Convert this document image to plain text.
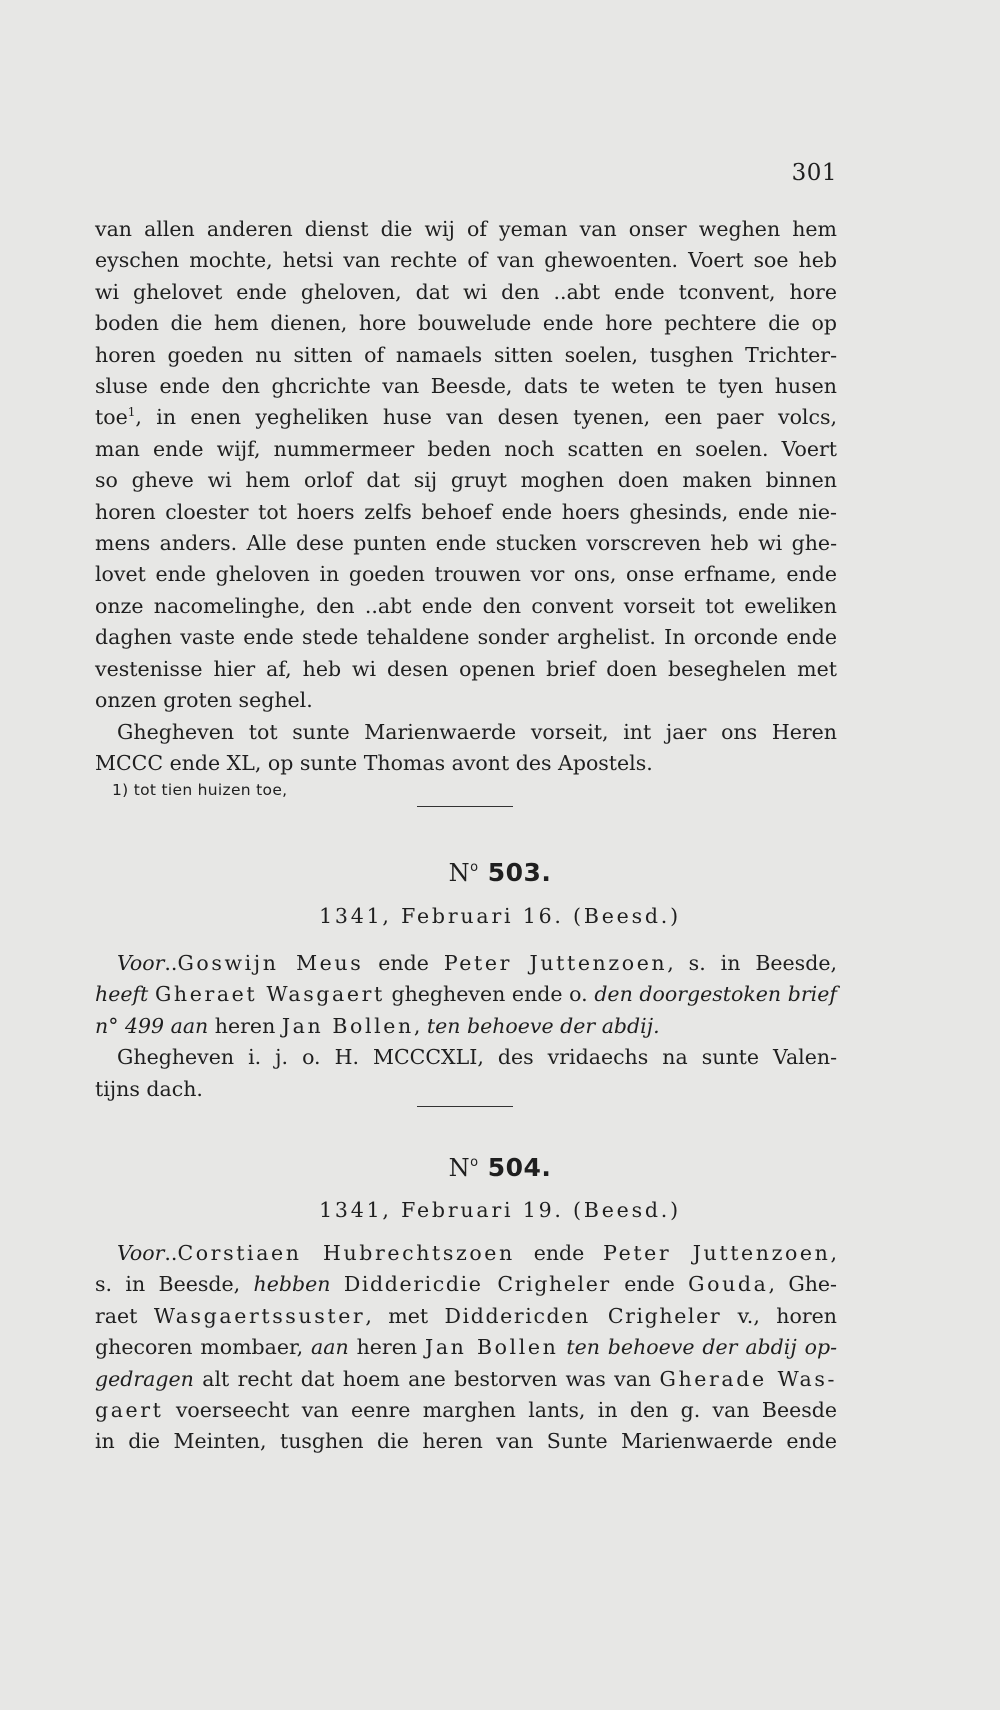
301
van allen anderen dienst die wij of yeman van onser weghen hem
eyschen mochte, hetsi van rechte of van ghewoenten. Voert soe heb
wi ghelovet ende gheloven, dat wi den ..abt ende tconvent, hore
boden die hem dienen, hore bouwelude ende hore pechtere die op
horen goeden nu sitten of namaels sitten soelen, tusghen Trichter-
sluse ende den ghcrichte van Beesde, dats te weten te tyen husen
toe$^1$, in enen yegheliken huse van desen tyenen, een paer volcs,
man ende wijf, nummermeer beden noch scatten en soelen. Voert
so gheve wi hem orlof dat sij gruyt moghen doen maken binnen
horen cloester tot hoers zelfs behoef ende hoers ghesinds, ende nie-
mens anders. Alle dese punten ende stucken vorscreven heb wi ghe-
lovet ende gheloven in goeden trouwen vor ons, onse erfname, ende
onze nacomelinghe, den ..abt ende den convent vorseit tot eweliken
daghen vaste ende stede tehaldene sonder arghelist. In orconde ende
vestenisse hier af, heb wi desen openen brief doen beseghelen met
onzen groten seghel.
Ghegheven tot sunte Marienwaerde vorseit, int jaer ons Heren
MCCC ende XL, op sunte Thomas avont des Apostels.
1) tot tien huizen toe,
$N^o$ 503.
1341, Februari 16. (Beesd.)
Voor..Goswijn Meus ende Peter Juttenzoen, s. in Beesde,
heeft Gheraet Wasgaert ghegheven ende o. den doorgestoken brief
n° 499 aan heren Jan Bollen, ten behoeve der abdij.
Ghegheven i. j. o. H. MCCCXLI, des vridaechs na sunte Valen-
tijns dach.
$N^o$ 504.
1341, Februari 19. (Beesd.)
Voor..Corstiaen Hubrechtszoen ende Peter Juttenzoen,
s. in Beesde, hebben Diddericdie Crigheler ende Gouda, Ghe-
raet Wasgaertssuster, met Diddericden Crigheler v., horen
ghecoren mombaer, aan heren Jan Bollen ten behoeve der abdij op-
gedragen alt recht dat hoem ane bestorven was van Gherade Was-
gaert voerseecht van eenre marghen lants, in den g. van Beesde
in die Meinten, tusghen die heren van Sunte Marienwaerde ende
